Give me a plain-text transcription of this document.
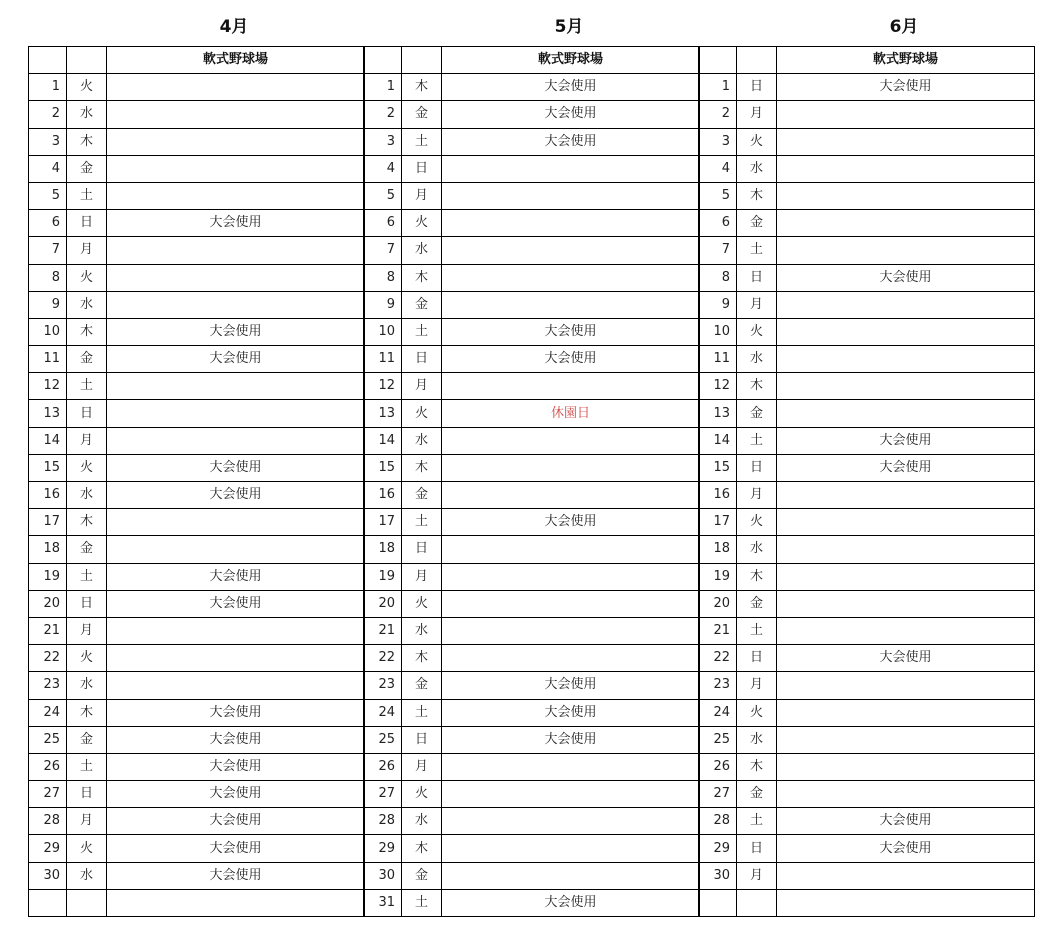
4月	5月	6月
		軟式野球場
1	火	
2	水	
3	木	
4	金	
5	土	
6	日	大会使用
7	月	
8	火	
9	水	
10	木	大会使用
11	金	大会使用
12	土	
13	日	
14	月	
15	火	大会使用
16	水	大会使用
17	木	
18	金	
19	土	大会使用
20	日	大会使用
21	月	
22	火	
23	水	
24	木	大会使用
25	金	大会使用
26	土	大会使用
27	日	大会使用
28	月	大会使用
29	火	大会使用
30	水	大会使用

		軟式野球場
1	木	大会使用
2	金	大会使用
3	土	大会使用
4	日	
5	月	
6	火	
7	水	
8	木	
9	金	
10	土	大会使用
11	日	大会使用
12	月	
13	火	休園日
14	水	
15	木	
16	金	
17	土	大会使用
18	日	
19	月	
20	火	
21	水	
22	木	
23	金	大会使用
24	土	大会使用
25	日	大会使用
26	月	
27	火	
28	水	
29	木	
30	金	
31	土	大会使用
		軟式野球場
1	日	大会使用
2	月	
3	火	
4	水	
5	木	
6	金	
7	土	
8	日	大会使用
9	月	
10	火	
11	水	
12	木	
13	金	
14	土	大会使用
15	日	大会使用
16	月	
17	火	
18	水	
19	木	
20	金	
21	土	
22	日	大会使用
23	月	
24	火	
25	水	
26	木	
27	金	
28	土	大会使用
29	日	大会使用
30	月	
